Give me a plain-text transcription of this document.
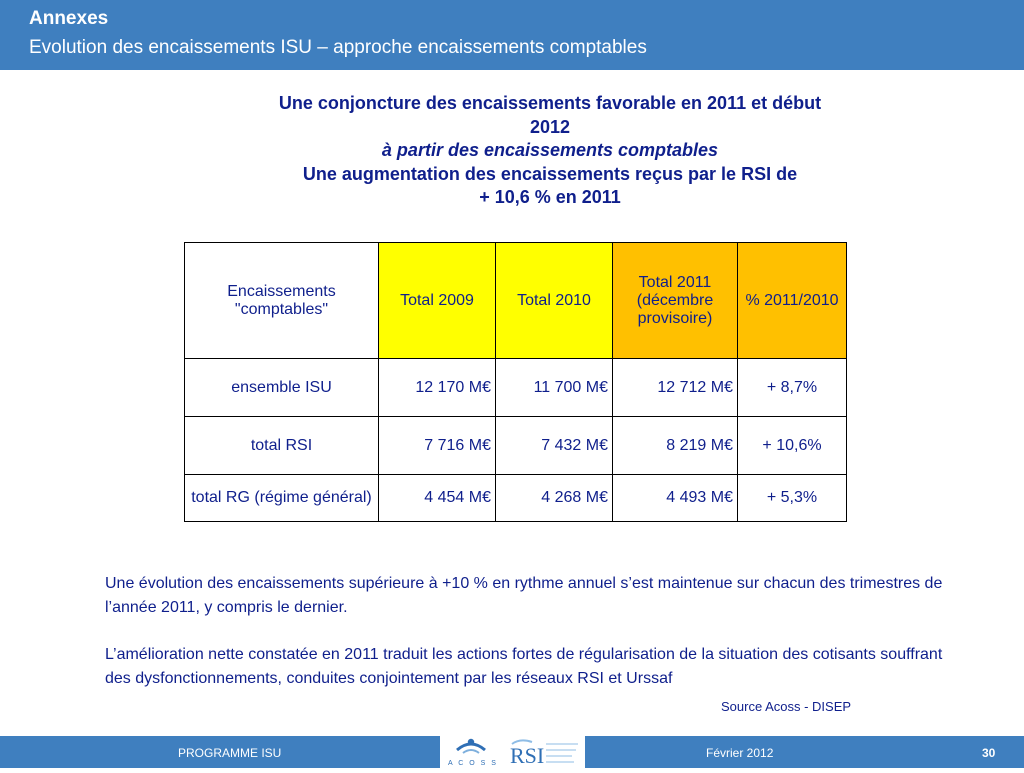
Annexes
Evolution des encaissements ISU – approche encaissements comptables
Une conjoncture des encaissements favorable en 2011 et début
2012
à partir des encaissements comptables
Une augmentation des encaissements reçus par le RSI de
+ 10,6 % en 2011
Encaissements "comptables"	Total 2009	Total 2010	Total 2011 (décembre provisoire)	% 2011/2010
ensemble ISU	12 170 M€	11 700 M€	12 712 M€	+ 8,7%
total RSI	7 716 M€	7 432 M€	8 219 M€	+ 10,6%
total RG (régime général)	4 454 M€	4 268 M€	4 493 M€	+ 5,3%

Une évolution des encaissements supérieure à +10 % en rythme annuel s’est maintenue sur chacun des trimestres de l’année 2011, y compris le dernier.

L’amélioration nette constatée en 2011 traduit les actions fortes de régularisation de la situation des cotisants souffrant des dysfonctionnements, conduites conjointement par les réseaux RSI et Urssaf

Source Acoss - DISEP
PROGRAMME ISU	Février 2012	30
A C O S S RSI
